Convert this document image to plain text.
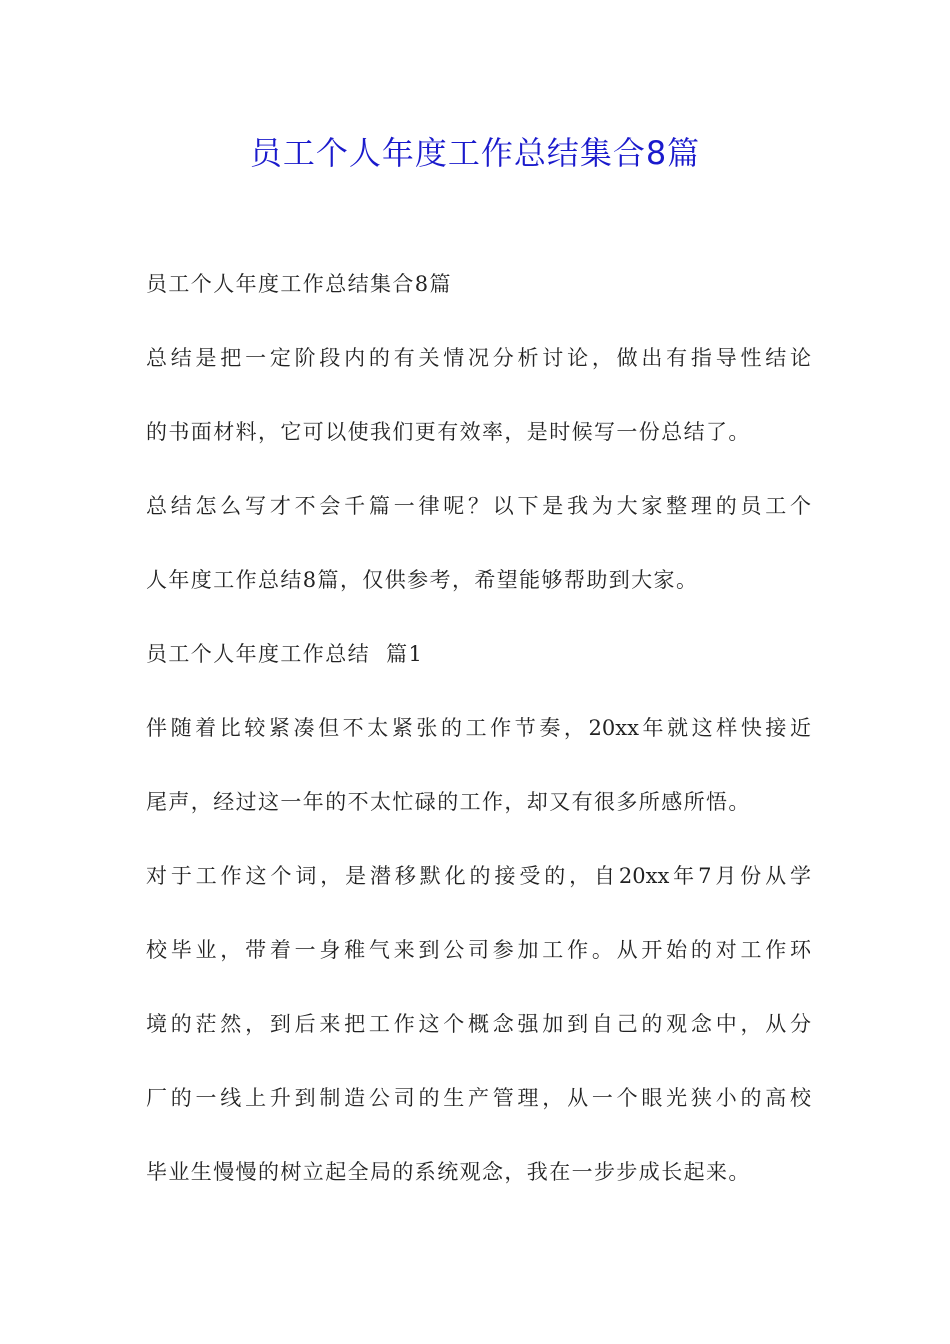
员工个人年度工作总结集合8篇
员工个人年度工作总结集合8篇
总结是把一定阶段内的有关情况分析讨论，做出有指导性结论
的书面材料，它可以使我们更有效率，是时候写一份总结了。
总结怎么写才不会千篇一律呢？以下是我为大家整理的员工个
人年度工作总结8篇，仅供参考，希望能够帮助到大家。
员工个人年度工作总结  篇1
伴随着比较紧凑但不太紧张的工作节奏，20xx年就这样快接近
尾声，经过这一年的不太忙碌的工作，却又有很多所感所悟。
对于工作这个词，是潜移默化的接受的，自20xx年7月份从学
校毕业，带着一身稚气来到公司参加工作。从开始的对工作环
境的茫然，到后来把工作这个概念强加到自己的观念中，从分
厂的一线上升到制造公司的生产管理，从一个眼光狭小的高校
毕业生慢慢的树立起全局的系统观念，我在一步步成长起来。
